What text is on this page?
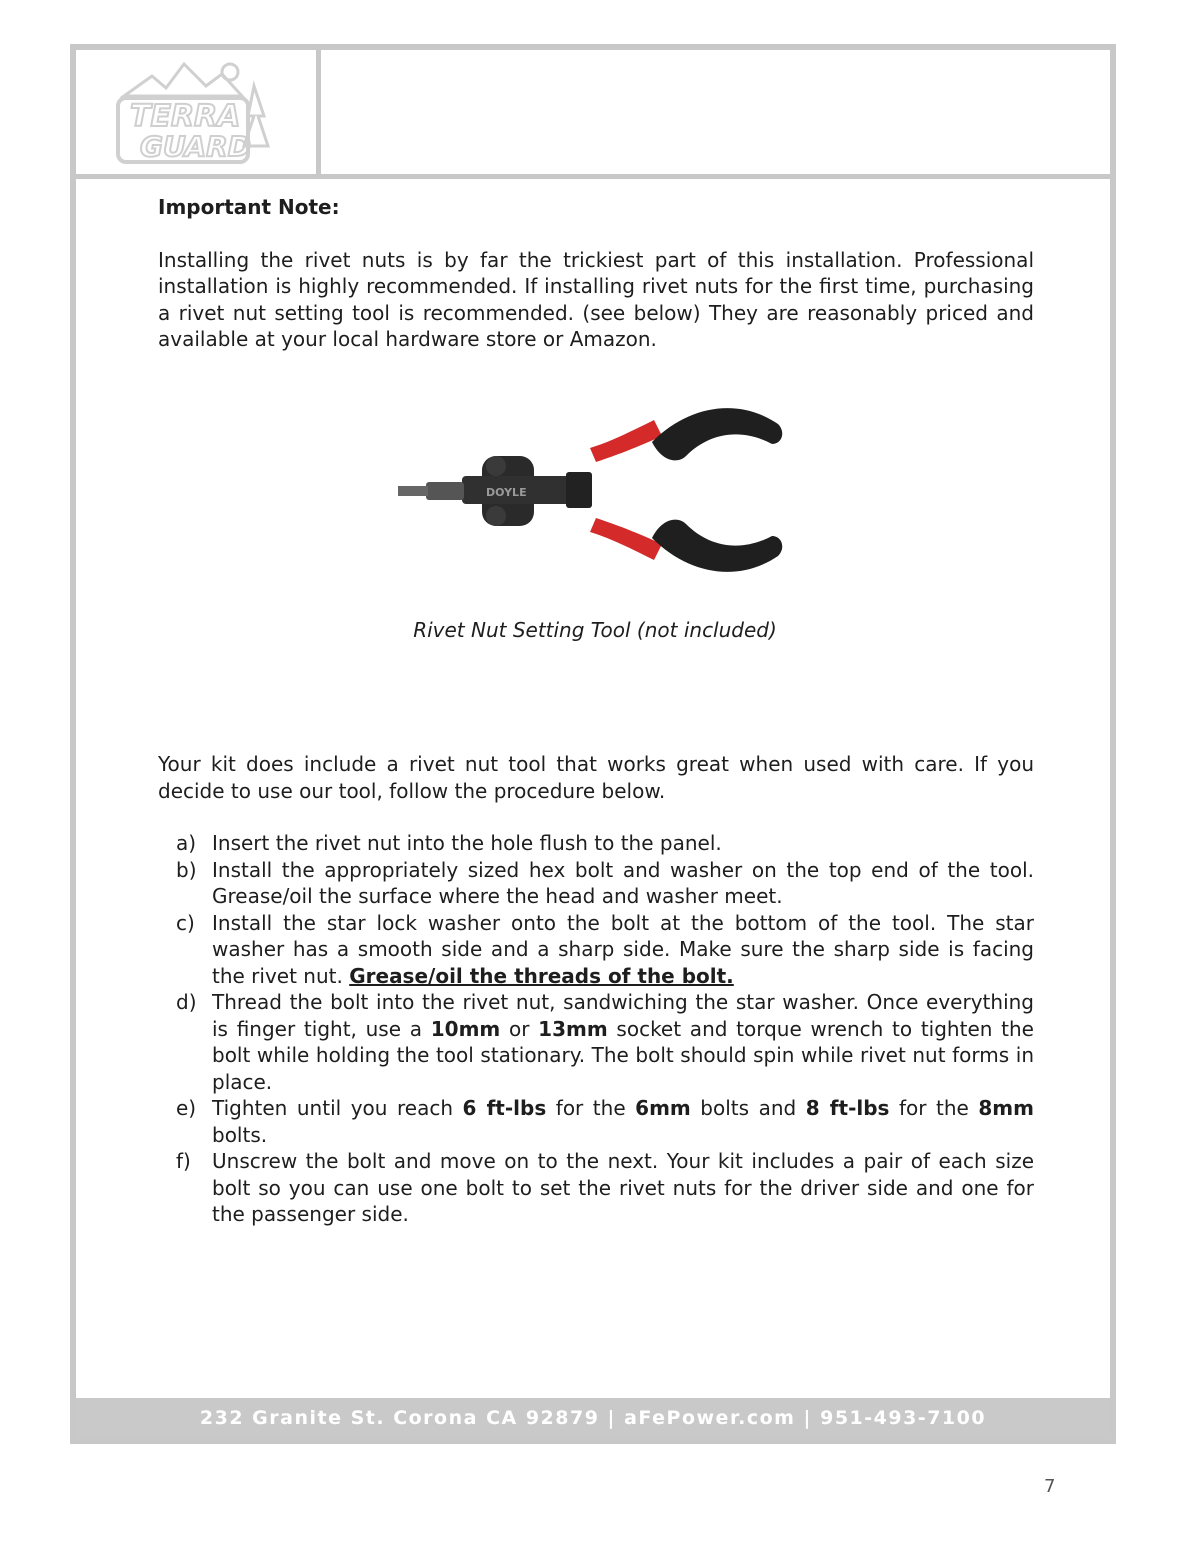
TERRA
GUARD
232 Granite St. Corona CA 92879 | aFePower.com | 951-493-7100

Important Note:

Installing the rivet nuts is by far the trickiest part of this installation. Professional installation is highly recommended. If installing rivet nuts for the first time, purchasing a rivet nut setting tool is recommended. (see below) They are reasonably priced and available at your local hardware store or Amazon.

DOYLE
Rivet Nut Setting Tool (not included)

Your kit does include a rivet nut tool that works great when used with care. If you decide to use our tool, follow the procedure below.

a) Insert the rivet nut into the hole flush to the panel.
b) Install the appropriately sized hex bolt and washer on the top end of the tool. Grease/oil the surface where the head and washer meet.
c) Install the star lock washer onto the bolt at the bottom of the tool. The star washer has a smooth side and a sharp side. Make sure the sharp side is facing the rivet nut. Grease/oil the threads of the bolt.
d) Thread the bolt into the rivet nut, sandwiching the star washer. Once everything is finger tight, use a 10mm or 13mm socket and torque wrench to tighten the bolt while holding the tool stationary. The bolt should spin while rivet nut forms in place.
e) Tighten until you reach 6 ft-lbs for the 6mm bolts and 8 ft-lbs for the 8mm bolts.
f) Unscrew the bolt and move on to the next. Your kit includes a pair of each size bolt so you can use one bolt to set the rivet nuts for the driver side and one for the passenger side.
7
